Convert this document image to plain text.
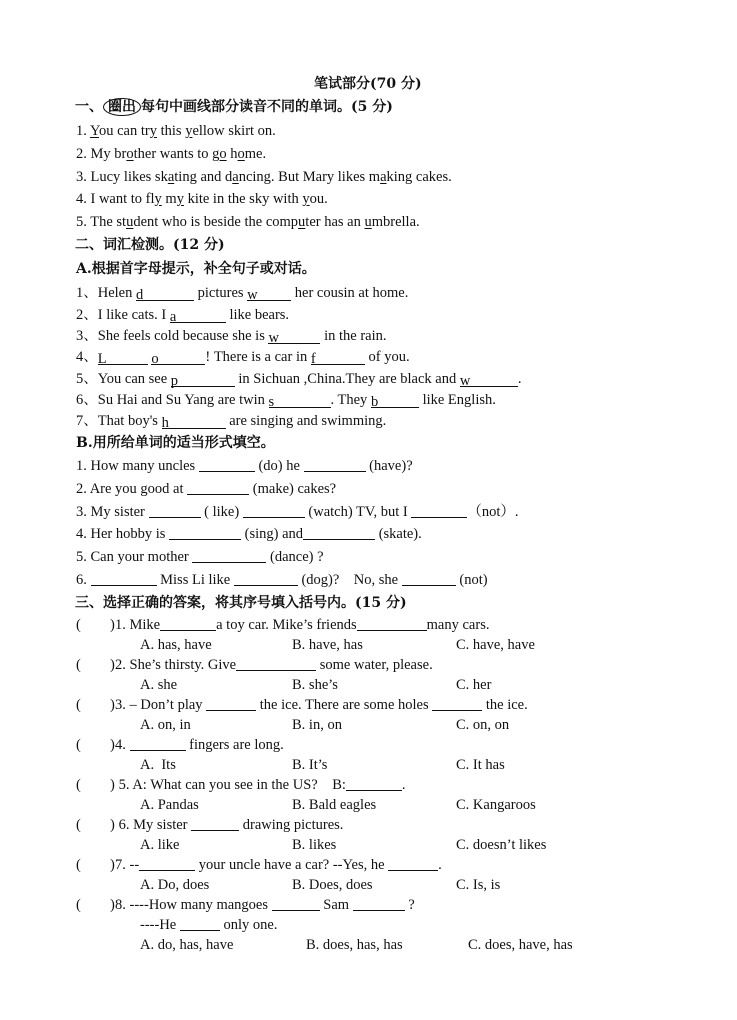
笔试部分(70 分)
一、 圈出 每句中画线部分读音不同的单词。(5 分)
1. You can try this yellow skirt on.
2. My brother wants to go home.
3. Lucy likes skating and dancing. But Mary likes making cakes.
4. I want to fly my kite in the sky with you.
5. The student who is beside the computer has an umbrella.
二、词汇检测。(12 分)
A.根据首字母提示，补全句子或对话。
1、Helen d	pictures w her cousin at home.
2、I like cats. I a	like bears.
3、She feels cold because she is w	in the rain.
4、L	o	! There is a car in f	of you.
5、You can see p	in Sichuan ,China.They are black and w	.
6、Su Hai and Su Yang are twin s	. They b	like English.
7、That boy's h	are singing and swimming.
B.用所给单词的适当形式填空。
1. How many uncles	(do) he	(have)?
2. Are you good at	(make) cakes?
3. My sister	( like)	(watch) TV, but I	（not）.
4. Her hobby is	(sing) and	(skate).
5. Can your mother	(dance) ?
6.	Miss Li like	(dog)?    No, she	(not)
三、选择正确的答案，将其序号填入括号内。(15 分)
( ) 1. Mike	a toy car. Mike’s friends	many cars.
A. has, have	B. have, has	C. have, have
( ) 2. She’s thirsty. Give	some water, please.
A. she	B. she’s	C. her
( ) 3. – Don’t play	the ice. There are some holes	the ice.
A. on, in	B. in, on	C. on, on
( ) 4.	fingers are long.
A.  Its	B. It’s	C. It has
( ) 5. A: What can you see in the US?    B:	.
A. Pandas	B. Bald eagles	C. Kangaroos
( ) 6. My sister	drawing pictures.
A. like	B. likes	C. doesn’t likes
( ) 7. --	your uncle have a car? --Yes, he	.
A. Do, does	B. Does, does	C. Is, is
( ) 8. ----How many mangoes	Sam	?
----He	only one.
A. do, has, have	B. does, has, has	C. does, have, has
